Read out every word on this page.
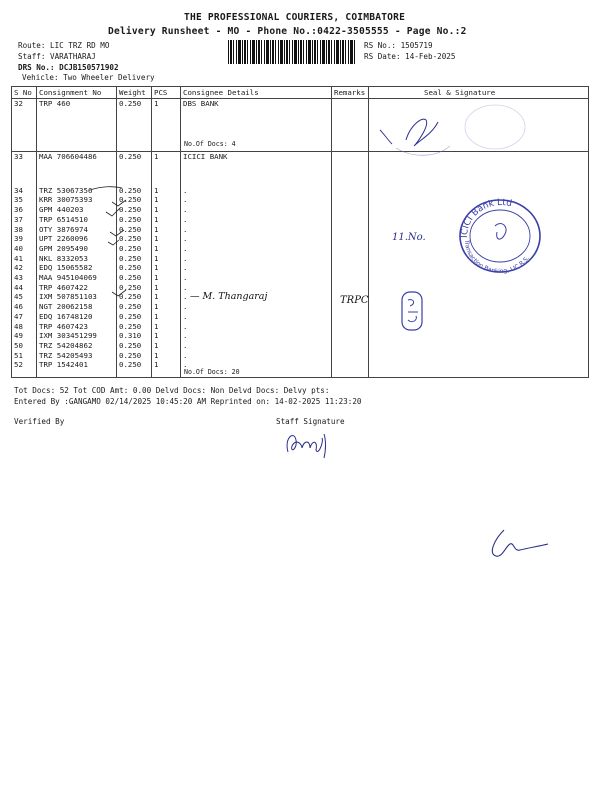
THE PROFESSIONAL COURIERS, COIMBATORE
Delivery Runsheet - MO - Phone No.:0422-3505555 - Page No.:2
Route: LIC TRZ RD MO
Staff: VARATHARAJ
DRS No.: DCJB150571902
Vehicle: Two Wheeler Delivery
RS No.: 1505719
RS Date: 14-Feb-2025
S No	Consignment No	Weight	PCS	Consignee Details	Remarks	Seal & Signature
32	TRP 460	0.250	1	DBS BANK
No.Of Docs: 4		

33	MAA 706604486	0.250	1	ICICI BANK		

34	TRZ 53067356	0.250	1	.		
35	KRR 30075393	0.250	1	.		
36	GPM 440203	0.250	1	.		
37	TRP 6514510	0.250	1	.		
38	OTY 3876974	0.250	1	.		
39	UPT 2260096	0.250	1	.		
40	GPM 2095490	0.250	1	.		
41	NKL 8332053	0.250	1	.		
42	EDQ 15065582	0.250	1	.		
43	MAA 945104069	0.250	1	.		
44	TRP 4607422	0.250	1	.		
45	IXM 507851103	0.250	1	.		
46	NGT 20062158	0.250	1	.		
47	EDQ 16748120	0.250	1	.		
48	TRP 4607423	0.250	1	.		
49	IXM 303451299	0.310	1	.		
50	TRZ 54204862	0.250	1	.		
51	TRZ 54205493	0.250	1	.		
52	TRP 1542401	0.250	1	.
No.Of Docs: 20		

Tot Docs: 52 Tot COD Amt: 0.00 Delvd Docs: Non Delvd Docs: Delvy pts:
Entered By :GANGAMO 02/14/2025 10:45:20 AM Reprinted on: 14-02-2025 11:23:20
Verified By	Staff Signature
11.No.
— M. Thangaraj	TRPC
ICICI Bank Ltd
Transaction Banking, LIC R.S.
